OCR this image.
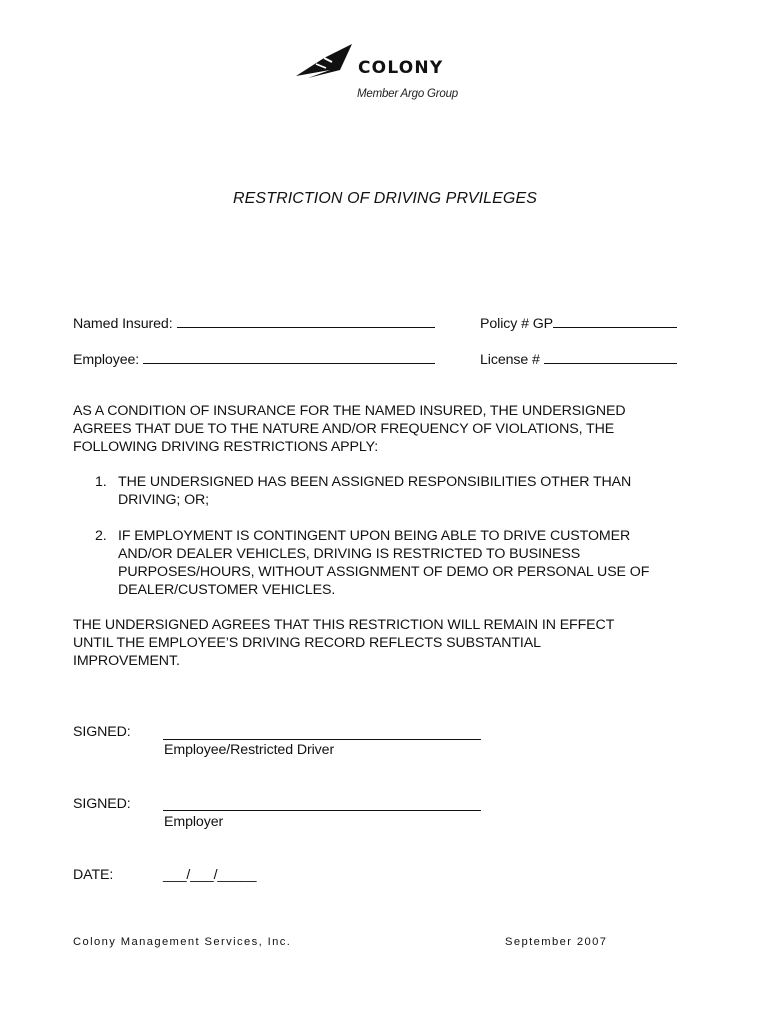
COLONY
Member Argo Group
RESTRICTION OF DRIVING PRVILEGES
Named Insured:	Policy # GP
Employee:	License #
AS A CONDITION OF INSURANCE FOR THE NAMED INSURED, THE UNDERSIGNED
AGREES THAT DUE TO THE NATURE AND/OR FREQUENCY OF VIOLATIONS, THE
FOLLOWING DRIVING RESTRICTIONS APPLY:
1. THE UNDERSIGNED HAS BEEN ASSIGNED RESPONSIBILITIES OTHER THAN
DRIVING; OR;
2. IF EMPLOYMENT IS CONTINGENT UPON BEING ABLE TO DRIVE CUSTOMER
AND/OR DEALER VEHICLES, DRIVING IS RESTRICTED TO BUSINESS
PURPOSES/HOURS, WITHOUT ASSIGNMENT OF DEMO OR PERSONAL USE OF
DEALER/CUSTOMER VEHICLES.
THE UNDERSIGNED AGREES THAT THIS RESTRICTION WILL REMAIN IN EFFECT
UNTIL THE EMPLOYEE’S DRIVING RECORD REFLECTS SUBSTANTIAL
IMPROVEMENT.
SIGNED:
Employee/Restricted Driver
SIGNED:
Employer
DATE:	___/___/_____
Colony Management Services, Inc.	September 2007
